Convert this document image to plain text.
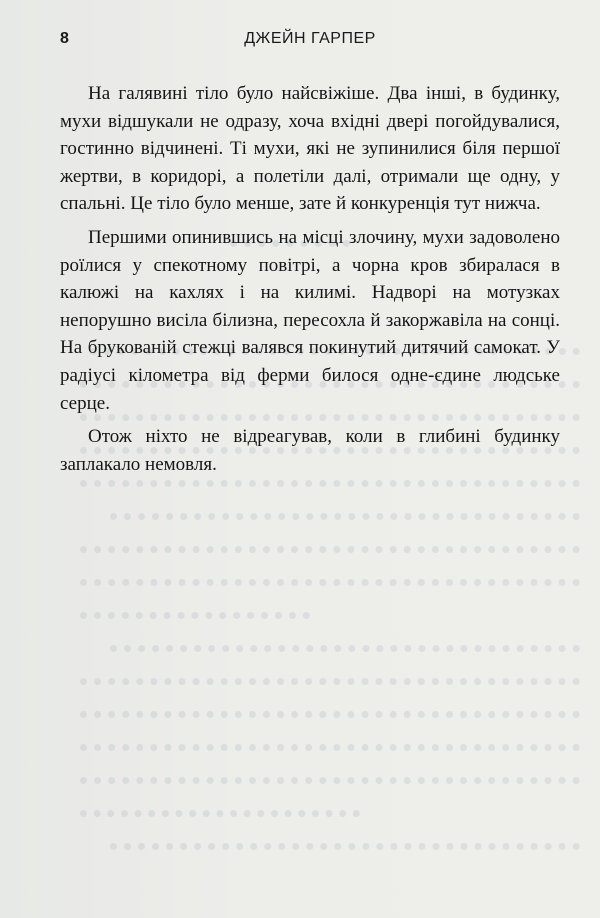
8	ДЖЕЙН ГАРПЕР

На галявині тіло було найсвіжіше. Два інші, в будинку, мухи відшукали не одразу, хоча вхідні двері погойдувалися, гостинно відчинені. Ті мухи, які не зупинилися біля першої жертви, в коридорі, а полетіли далі, отримали ще одну, у спальні. Це тіло було менше, зате й конкуренція тут нижча.

Першими опинившись на місці злочину, мухи задоволено роїлися у спекотному повітрі, а чорна кров збиралася в калюжі на кахлях і на килимі. Надворі на мотузках непорушно висіла білизна, пересохла й закоржавіла на сонці. На брукованій стежці валявся покинутий дитячий самокат. У радіусі кілометра від ферми билося одне-єдине людське серце.

Отож ніхто не відреагував, коли в глибині будинку заплакало немовля.
